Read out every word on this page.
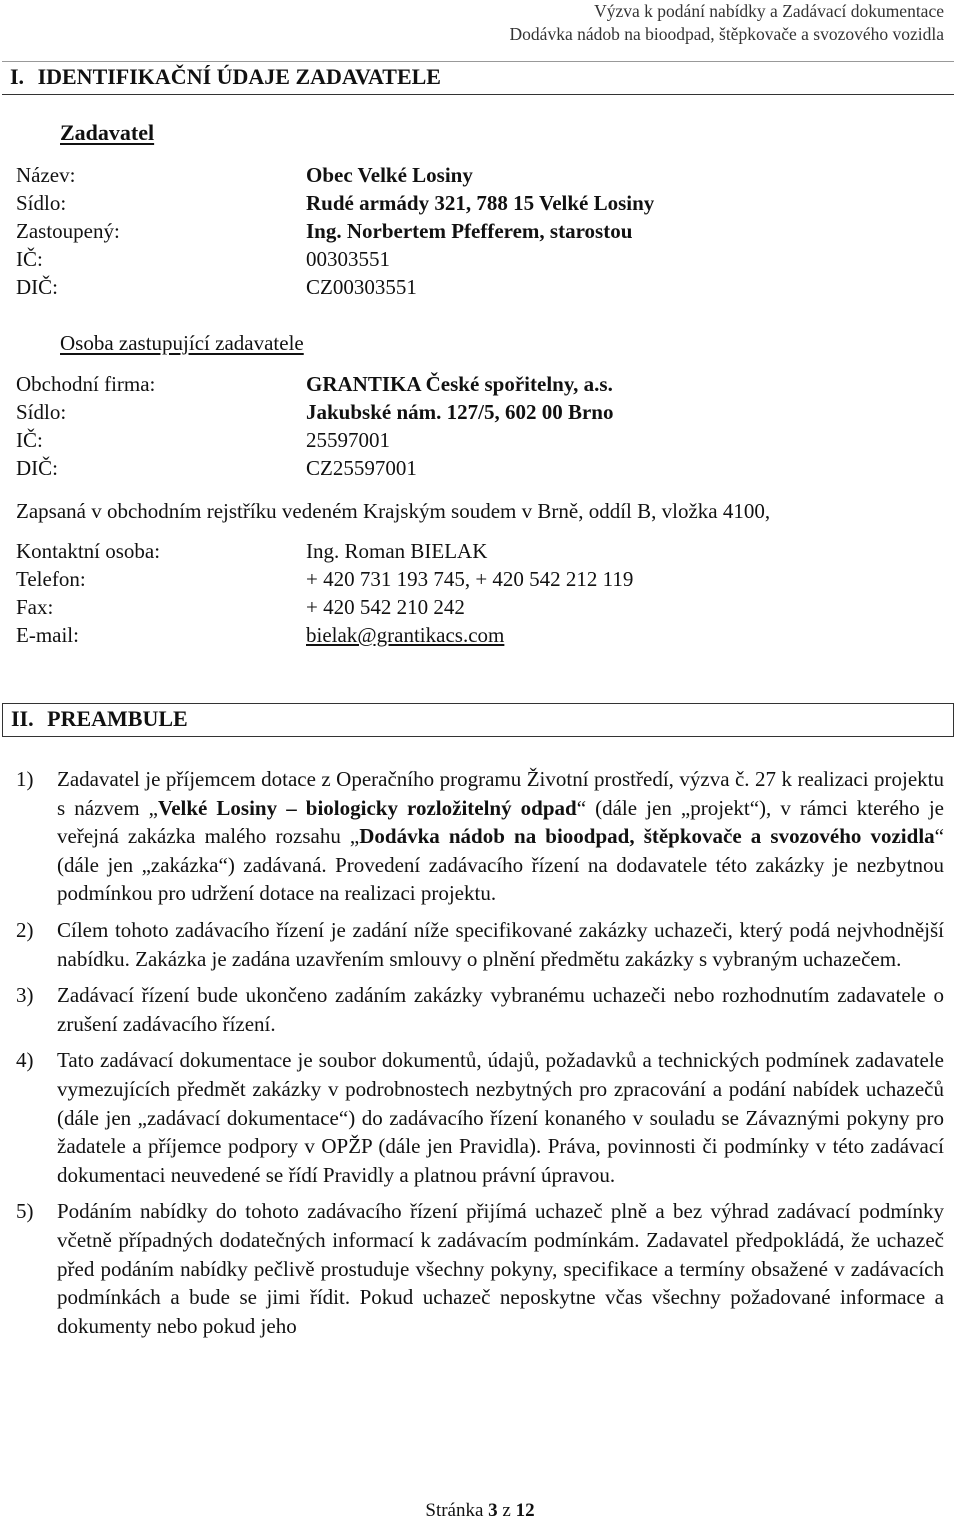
Výzva k podání nabídky a Zadávací dokumentace
Dodávka nádob na bioodpad, štěpkovače a svozového vozidla
I. IDENTIFIKAČNÍ ÚDAJE ZADAVATELE
Zadavatel
Název:	Obec Velké Losiny
Sídlo:	Rudé armády 321, 788 15 Velké Losiny
Zastoupený:	Ing. Norbertem Pfefferem, starostou
IČ:	00303551
DIČ:	CZ00303551
Osoba zastupující zadavatele
Obchodní firma:	GRANTIKA České spořitelny, a.s.
Sídlo:	Jakubské nám. 127/5, 602 00 Brno
IČ:	25597001
DIČ:	CZ25597001
Zapsaná v obchodním rejstříku vedeném Krajským soudem v Brně, oddíl B, vložka 4100,
Kontaktní osoba:	Ing. Roman BIELAK
Telefon:	+ 420 731 193 745, + 420 542 212 119
Fax:	+ 420 542 210 242
E-mail:	bielak@grantikacs.com
II. PREAMBULE
1) Zadavatel je příjemcem dotace z Operačního programu Životní prostředí, výzva č. 27 k realizaci projektu s názvem „Velké Losiny – biologicky rozložitelný odpad“ (dále jen „projekt“), v rámci kterého je veřejná zakázka malého rozsahu „Dodávka nádob na bioodpad, štěpkovače a svozového vozidla“ (dále jen „zakázka“) zadávaná. Provedení zadávacího řízení na dodavatele této zakázky je nezbytnou podmínkou pro udržení dotace na realizaci projektu.
2) Cílem tohoto zadávacího řízení je zadání níže specifikované zakázky uchazeči, který podá nejvhodnější nabídku. Zakázka je zadána uzavřením smlouvy o plnění předmětu zakázky s vybraným uchazečem.
3) Zadávací řízení bude ukončeno zadáním zakázky vybranému uchazeči nebo rozhodnutím zadavatele o zrušení zadávacího řízení.
4) Tato zadávací dokumentace je soubor dokumentů, údajů, požadavků a technických podmínek zadavatele vymezujících předmět zakázky v podrobnostech nezbytných pro zpracování a podání nabídek uchazečů (dále jen „zadávací dokumentace“) do zadávacího řízení konaného v souladu se Závaznými pokyny pro žadatele a příjemce podpory v OPŽP (dále jen Pravidla). Práva, povinnosti či podmínky v této zadávací dokumentaci neuvedené se řídí Pravidly a platnou právní úpravou.
5) Podáním nabídky do tohoto zadávacího řízení přijímá uchazeč plně a bez výhrad zadávací podmínky včetně případných dodatečných informací k zadávacím podmínkám. Zadavatel předpokládá, že uchazeč před podáním nabídky pečlivě prostuduje všechny pokyny, specifikace a termíny obsažené v zadávacích podmínkách a bude se jimi řídit. Pokud uchazeč neposkytne včas všechny požadované informace a dokumenty nebo pokud jeho
Stránka 3 z 12
